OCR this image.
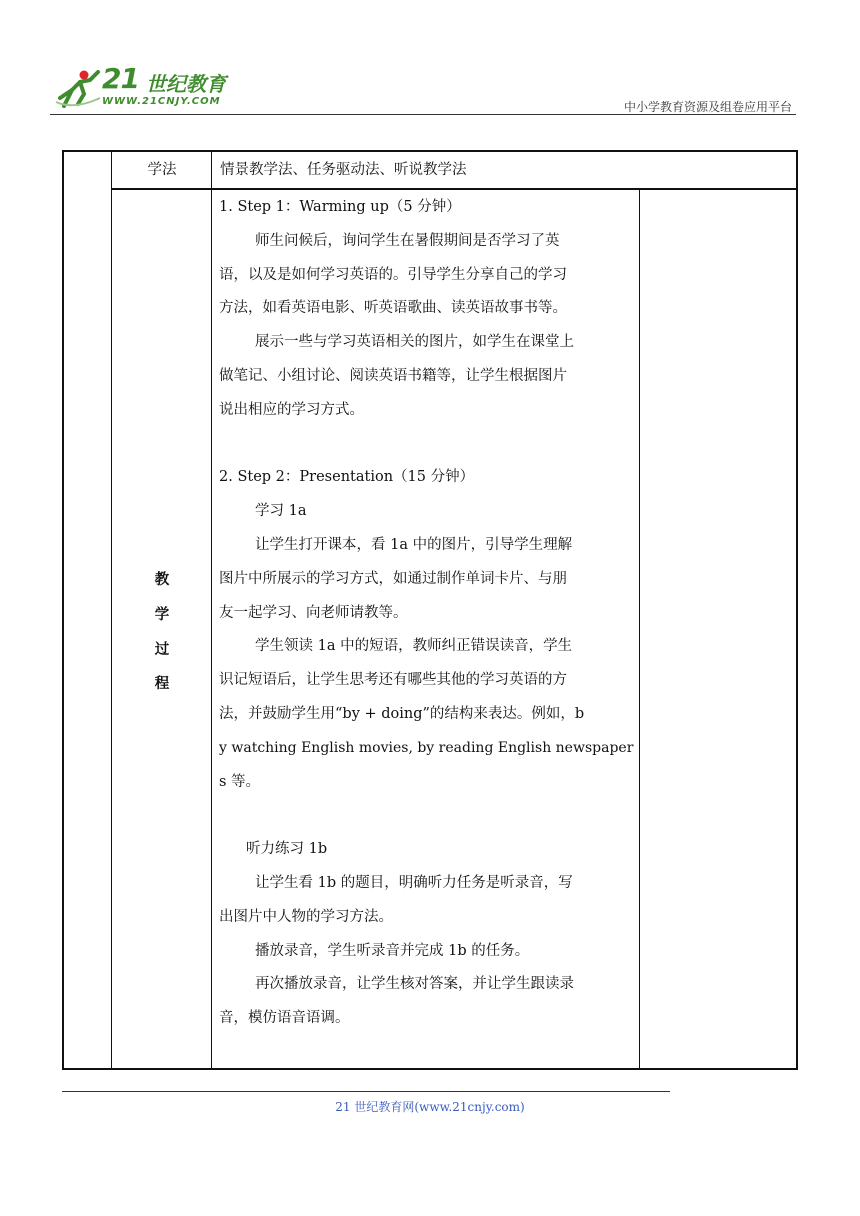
21 世纪教育
WWW.21CNJY.COM	中小学教育资源及组卷应用平台
学法	情景教学法、任务驱动法、听说教学法
教
学
过
程

1. Step 1：Warming up（5 分钟）

师生问候后，询问学生在暑假期间是否学习了英

语，以及是如何学习英语的。引导学生分享自己的学习

方法，如看英语电影、听英语歌曲、读英语故事书等。

展示一些与学习英语相关的图片，如学生在课堂上

做笔记、小组讨论、阅读英语书籍等，让学生根据图片

说出相应的学习方式。

2. Step 2：Presentation（15 分钟）

学习 1a

让学生打开课本，看 1a 中的图片，引导学生理解

图片中所展示的学习方式，如通过制作单词卡片、与朋

友一起学习、向老师请教等。

学生领读 1a 中的短语，教师纠正错误读音，学生

识记短语后，让学生思考还有哪些其他的学习英语的方

法，并鼓励学生用“by + doing”的结构来表达。例如，b

y watching English movies, by reading English newspaper

s 等。

听力练习 1b

让学生看 1b 的题目，明确听力任务是听录音，写

出图片中人物的学习方法。

播放录音，学生听录音并完成 1b 的任务。

再次播放录音，让学生核对答案，并让学生跟读录

音，模仿语音语调。

21 世纪教育网(www.21cnjy.com)
